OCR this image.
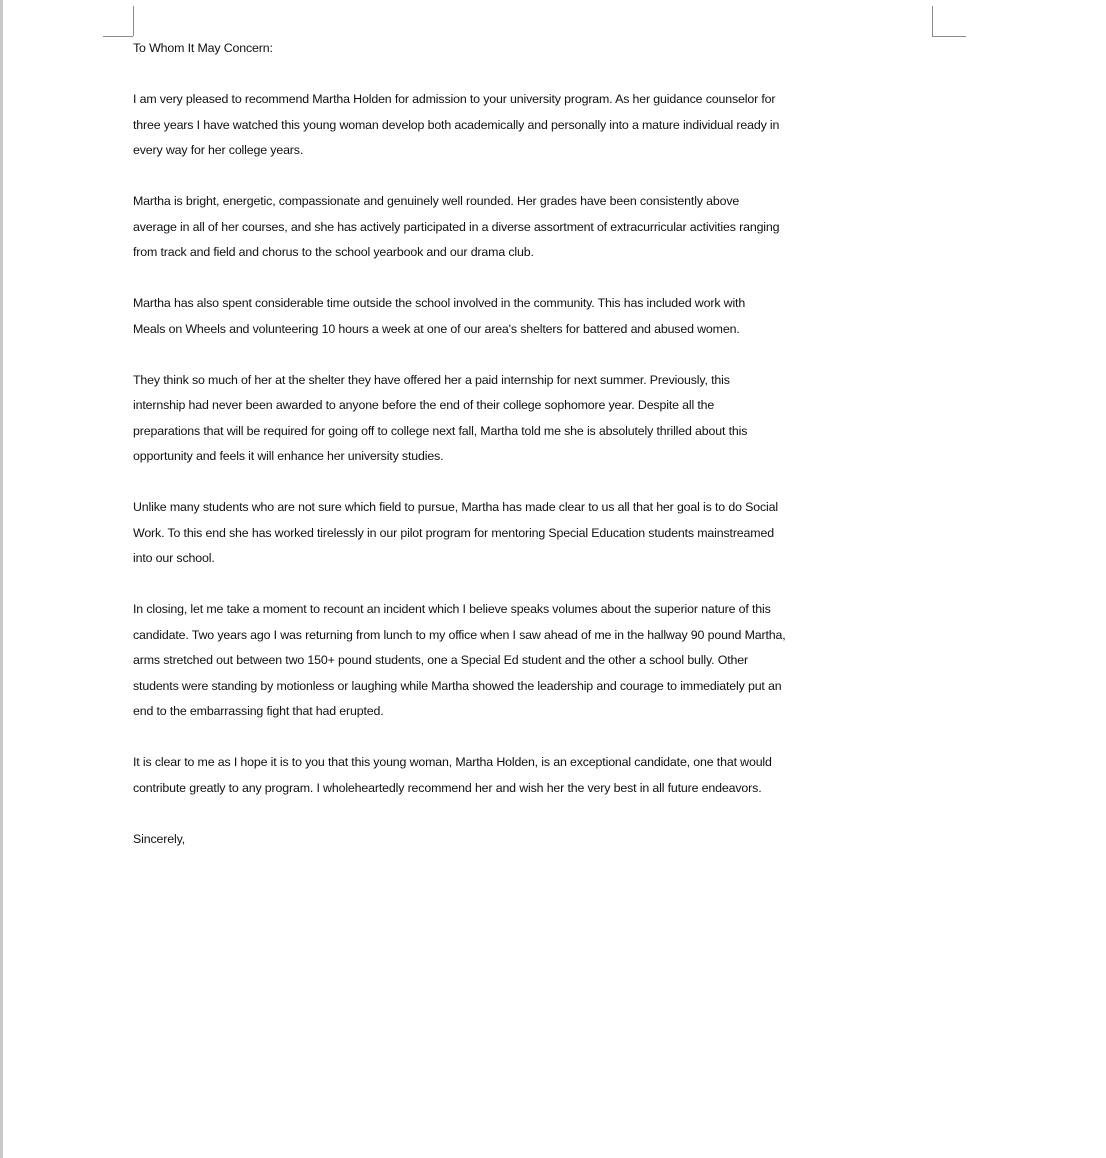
To Whom It May Concern:

I am very pleased to recommend Martha Holden for admission to your university program. As her guidance counselor for
three years I have watched this young woman develop both academically and personally into a mature individual ready in
every way for her college years.

Martha is bright, energetic, compassionate and genuinely well rounded. Her grades have been consistently above
average in all of her courses, and she has actively participated in a diverse assortment of extracurricular activities ranging
from track and field and chorus to the school yearbook and our drama club.

Martha has also spent considerable time outside the school involved in the community. This has included work with
Meals on Wheels and volunteering 10 hours a week at one of our area's shelters for battered and abused women.

They think so much of her at the shelter they have offered her a paid internship for next summer. Previously, this
internship had never been awarded to anyone before the end of their college sophomore year. Despite all the
preparations that will be required for going off to college next fall, Martha told me she is absolutely thrilled about this
opportunity and feels it will enhance her university studies.

Unlike many students who are not sure which field to pursue, Martha has made clear to us all that her goal is to do Social
Work. To this end she has worked tirelessly in our pilot program for mentoring Special Education students mainstreamed
into our school.

In closing, let me take a moment to recount an incident which I believe speaks volumes about the superior nature of this
candidate. Two years ago I was returning from lunch to my office when I saw ahead of me in the hallway 90 pound Martha,
arms stretched out between two 150+ pound students, one a Special Ed student and the other a school bully. Other
students were standing by motionless or laughing while Martha showed the leadership and courage to immediately put an
end to the embarrassing fight that had erupted.

It is clear to me as I hope it is to you that this young woman, Martha Holden, is an exceptional candidate, one that would
contribute greatly to any program. I wholeheartedly recommend her and wish her the very best in all future endeavors.

Sincerely,
